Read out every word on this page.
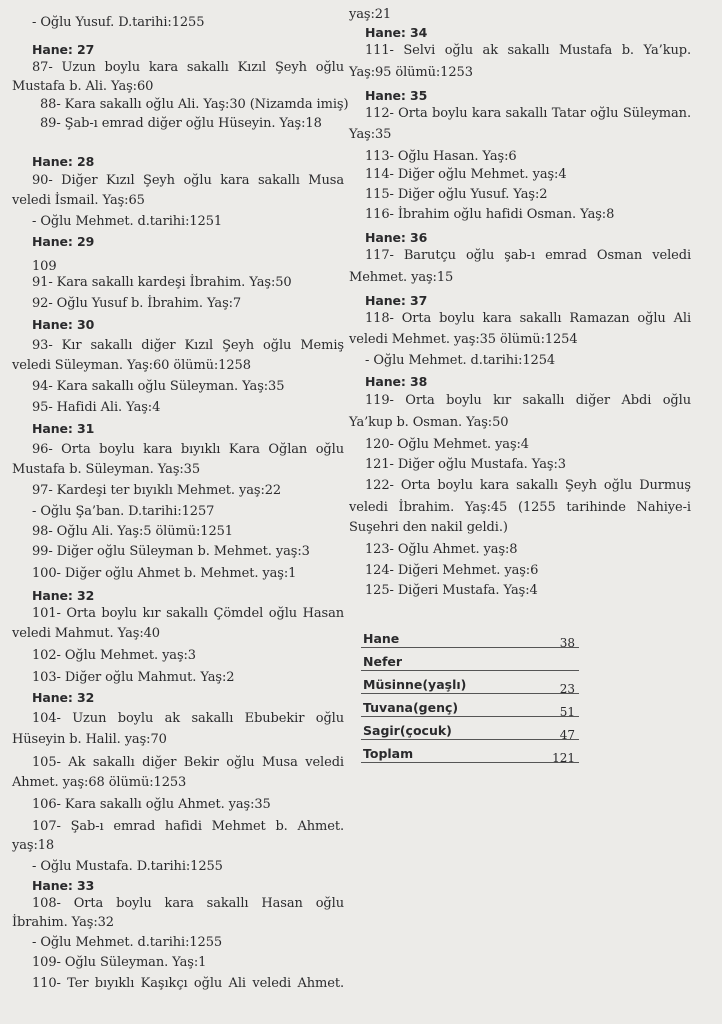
- Oğlu Yusuf. D.tarihi:1255
Hane: 27
87- Uzun boylu kara sakallı Kızıl Şeyh oğlu
Mustafa b. Ali. Yaş:60
88- Kara sakallı oğlu Ali. Yaş:30 (Nizamda imiş)
89- Şab-ı emrad diğer oğlu Hüseyin. Yaş:18
Hane: 28
90- Diğer Kızıl Şeyh oğlu kara sakallı Musa
veledi İsmail. Yaş:65
- Oğlu Mehmet. d.tarihi:1251
Hane: 29
109
91- Kara sakallı kardeşi İbrahim. Yaş:50
92- Oğlu Yusuf b. İbrahim. Yaş:7
Hane: 30
93- Kır sakallı diğer Kızıl Şeyh oğlu Memiş
veledi Süleyman. Yaş:60 ölümü:1258
94- Kara sakallı oğlu Süleyman. Yaş:35
95- Hafidi Ali. Yaş:4
Hane: 31
96- Orta boylu kara bıyıklı Kara Oğlan oğlu
Mustafa b. Süleyman. Yaş:35
97- Kardeşi ter bıyıklı Mehmet. yaş:22
- Oğlu Şa’ban. D.tarihi:1257
98- Oğlu Ali. Yaş:5 ölümü:1251
99- Diğer oğlu Süleyman b. Mehmet. yaş:3
100- Diğer oğlu Ahmet b. Mehmet. yaş:1
Hane: 32
101- Orta boylu kır sakallı Çömdel oğlu Hasan
veledi Mahmut. Yaş:40
102- Oğlu Mehmet. yaş:3
103- Diğer oğlu Mahmut. Yaş:2
Hane: 32
104- Uzun boylu ak sakallı Ebubekir oğlu
Hüseyin b. Halil. yaş:70
105- Ak sakallı diğer Bekir oğlu Musa veledi
Ahmet. yaş:68 ölümü:1253
106- Kara sakallı oğlu Ahmet. yaş:35
107- Şab-ı emrad hafidi Mehmet b. Ahmet.
yaş:18
- Oğlu Mustafa. D.tarihi:1255
Hane: 33
108- Orta boylu kara sakallı Hasan oğlu
İbrahim. Yaş:32
- Oğlu Mehmet. d.tarihi:1255
109- Oğlu Süleyman. Yaş:1
110- Ter bıyıklı Kaşıkçı oğlu Ali veledi Ahmet.
yaş:21
Hane: 34
111- Selvi oğlu ak sakallı Mustafa b. Ya’kup.
Yaş:95 ölümü:1253
Hane: 35
112- Orta boylu kara sakallı Tatar oğlu Süleyman.
Yaş:35
113- Oğlu Hasan. Yaş:6
114- Diğer oğlu Mehmet. yaş:4
115- Diğer oğlu Yusuf. Yaş:2
116- İbrahim oğlu hafidi Osman. Yaş:8
Hane: 36
117- Barutçu oğlu şab-ı emrad Osman veledi
Mehmet. yaş:15
Hane: 37
118- Orta boylu kara sakallı Ramazan oğlu Ali
veledi Mehmet. yaş:35 ölümü:1254
- Oğlu Mehmet. d.tarihi:1254
Hane: 38
119- Orta boylu kır sakallı diğer Abdi oğlu
Ya’kup b. Osman. Yaş:50
120- Oğlu Mehmet. yaş:4
121- Diğer oğlu Mustafa. Yaş:3
122- Orta boylu kara sakallı Şeyh oğlu Durmuş
veledi İbrahim. Yaş:45 (1255 tarihinde Nahiye-i
Suşehri den nakil geldi.)
123- Oğlu Ahmet. yaş:8
124- Diğeri Mehmet. yaş:6
125- Diğeri Mustafa. Yaş:4
Hane	38
Nefer
Müsinne(yaşlı)	23
Tuvana(genç)	51
Sagir(çocuk)	47
Toplam	121
